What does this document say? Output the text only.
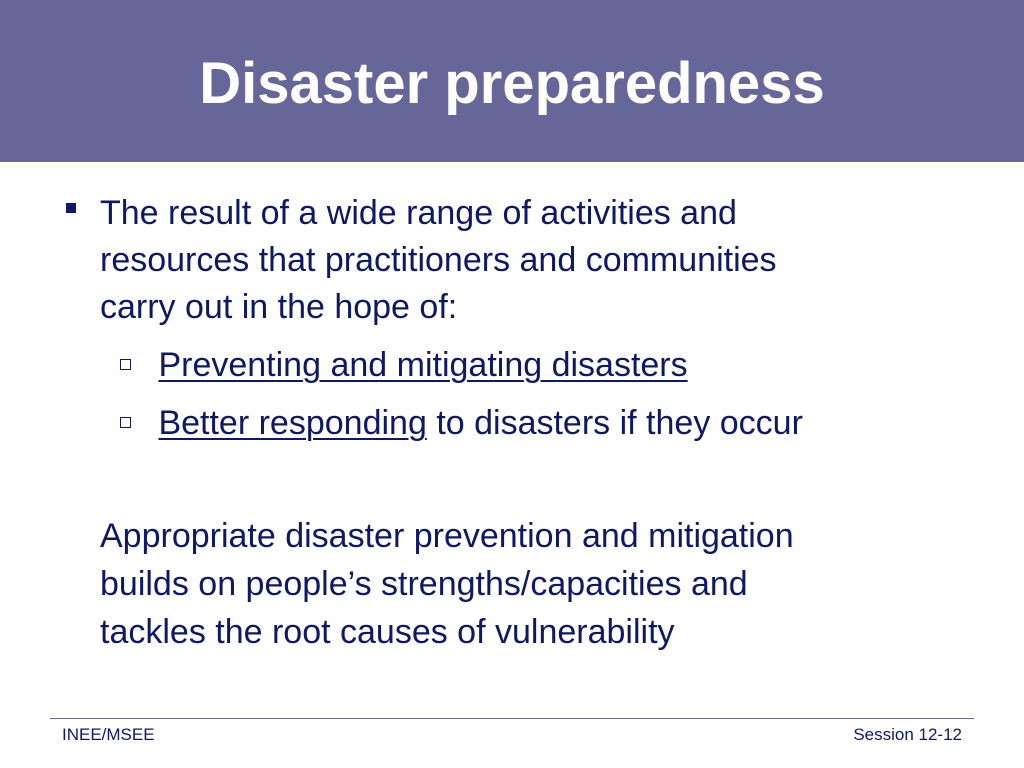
Disaster preparedness
The result of a wide range of activities and
resources that practitioners and communities
carry out in the hope of:
Preventing and mitigating disasters
Better responding to disasters if they occur
Appropriate disaster prevention and mitigation
builds on people’s strengths/capacities and
tackles the root causes of vulnerability
INEE/MSEE	Session 12-12
